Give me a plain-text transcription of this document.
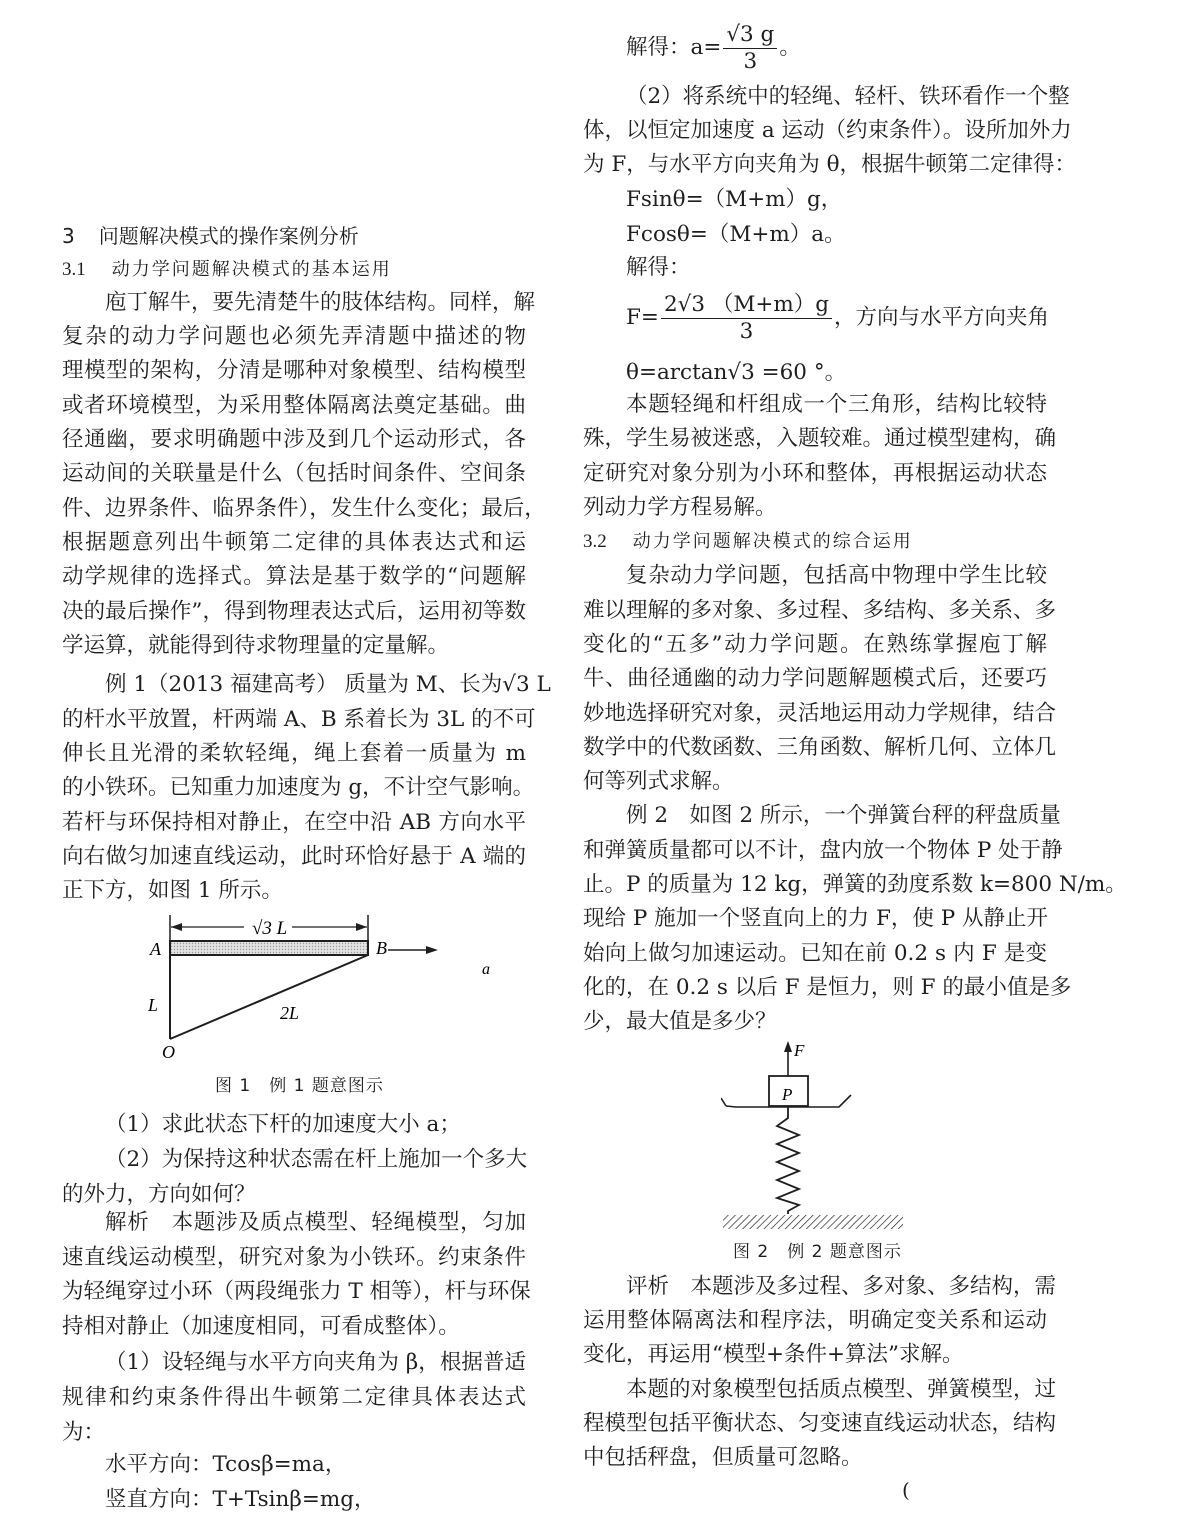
3 问题解决模式的操作案例分析
3.1 动力学问题解决模式的基本运用
庖丁解牛，要先清楚牛的肢体结构。同样，解
复杂的动力学问题也必须先弄清题中描述的物
理模型的架构，分清是哪种对象模型、结构模型
或者环境模型，为采用整体隔离法奠定基础。曲
径通幽，要求明确题中涉及到几个运动形式，各
运动间的关联量是什么（包括时间条件、空间条
件、边界条件、临界条件），发生什么变化；最后，
根据题意列出牛顿第二定律的具体表达式和运
动学规律的选择式。算法是基于数学的“问题解
决的最后操作”，得到物理表达式后，运用初等数
学运算，就能得到待求物理量的定量解。
例 1（2013 福建高考） 质量为 M、长为√3 L
的杆水平放置，杆两端 A、B 系着长为 3L 的不可
伸长且光滑的柔软轻绳，绳上套着一质量为 m
的小铁环。已知重力加速度为 g，不计空气影响。
若杆与环保持相对静止，在空中沿 AB 方向水平
向右做匀加速直线运动，此时环恰好悬于 A 端的
正下方，如图 1 所示。
（1）求此状态下杆的加速度大小 a；
（2）为保持这种状态需在杆上施加一个多大
的外力，方向如何？
解析　本题涉及质点模型、轻绳模型，匀加
速直线运动模型，研究对象为小铁环。约束条件
为轻绳穿过小环（两段绳张力 T 相等），杆与环保
持相对静止（加速度相同，可看成整体）。
（1）设轻绳与水平方向夹角为 β，根据普适
规律和约束条件得出牛顿第二定律具体表达式
为：
水平方向：Tcosβ=ma，
竖直方向：T+Tsinβ=mg，
√3 L
A	B
a
L	2L
O
图 1　例 1 题意图示
解得：$a= \frac{√3 g}{3}$ 。
（2）将系统中的轻绳、轻杆、铁环看作一个整
体，以恒定加速度 a 运动（约束条件）。设所加外力
为 F，与水平方向夹角为 θ，根据牛顿第二定律得：
Fsinθ=（M+m）g，
Fcosθ=（M+m）a。
解得：
$F= \frac{2√3 (M+m)g}{3}$ ，方向与水平方向夹角
θ=arctan√3 =60 °。
本题轻绳和杆组成一个三角形，结构比较特
殊，学生易被迷惑，入题较难。通过模型建构，确
定研究对象分别为小环和整体，再根据运动状态
列动力学方程易解。
3.2 动力学问题解决模式的综合运用
复杂动力学问题，包括高中物理中学生比较
难以理解的多对象、多过程、多结构、多关系、多
变化的“五多”动力学问题。在熟练掌握庖丁解
牛、曲径通幽的动力学问题解题模式后，还要巧
妙地选择研究对象，灵活地运用动力学规律，结合
数学中的代数函数、三角函数、解析几何、立体几
何等列式求解。
例 2　如图 2 所示，一个弹簧台秤的秤盘质量
和弹簧质量都可以不计，盘内放一个物体 P 处于静
止。P 的质量为 12 kg，弹簧的劲度系数 k=800 N/m。
现给 P 施加一个竖直向上的力 F，使 P 从静止开
始向上做匀加速运动。已知在前 0.2 s 内 F 是变
化的，在 0.2 s 以后 F 是恒力，则 F 的最小值是多
少，最大值是多少？
F
P
图 2　例 2 题意图示
评析　本题涉及多过程、多对象、多结构，需
运用整体隔离法和程序法，明确定变关系和运动
变化，再运用“模型+条件+算法”求解。
本题的对象模型包括质点模型、弹簧模型，过
程模型包括平衡状态、匀变速直线运动状态，结构
中包括秤盘，但质量可忽略。
(
